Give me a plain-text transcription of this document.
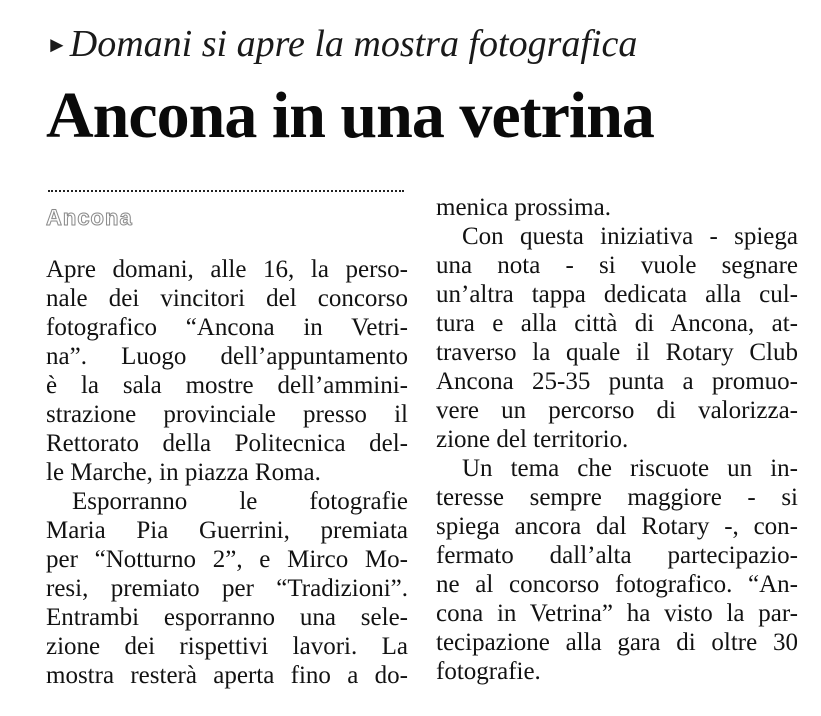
►Domani si apre la mostra fotografica
Ancona in una vetrina
Ancona
Apre domani, alle 16, la perso-
nale dei vincitori del concorso
fotografico “Ancona in Vetri-
na”. Luogo dell’appuntamento
è la sala mostre dell’ammini-
strazione provinciale presso il
Rettorato della Politecnica del-
le Marche, in piazza Roma.
Esporranno le fotografie
Maria Pia Guerrini, premiata
per “Notturno 2”, e Mirco Mo-
resi, premiato per “Tradizioni”.
Entrambi esporranno una sele-
zione dei rispettivi lavori. La
mostra resterà aperta fino a do-
menica prossima.
Con questa iniziativa - spiega
una nota - si vuole segnare
un’altra tappa dedicata alla cul-
tura e alla città di Ancona, at-
traverso la quale il Rotary Club
Ancona 25-35 punta a promuo-
vere un percorso di valorizza-
zione del territorio.
Un tema che riscuote un in-
teresse sempre maggiore - si
spiega ancora dal Rotary -, con-
fermato dall’alta partecipazio-
ne al concorso fotografico. “An-
cona in Vetrina” ha visto la par-
tecipazione alla gara di oltre 30
fotografie.
